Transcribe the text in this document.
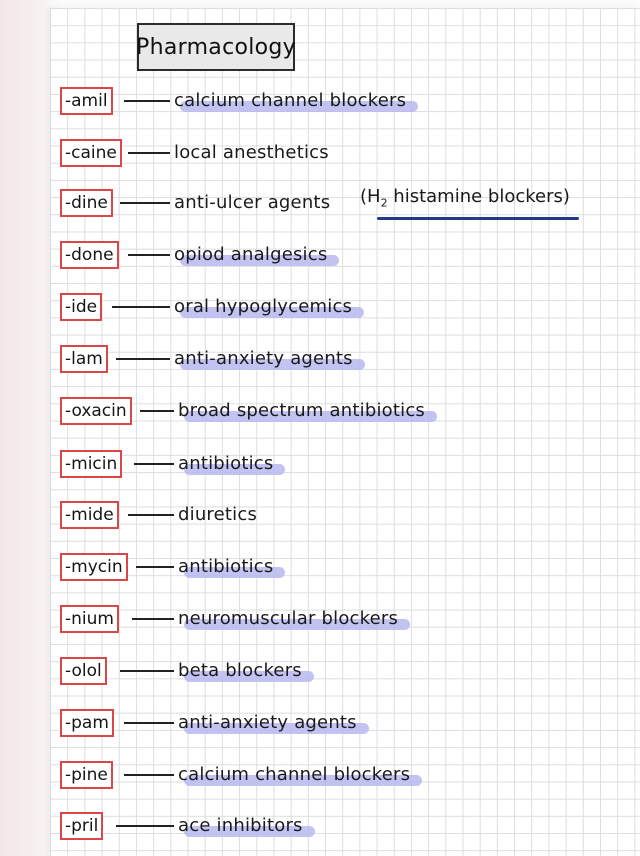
Pharmacology
-amil	calcium channel blockers
-caine	local anesthetics
-dine	anti-ulcer agents ($H_2$ histamine blockers)
-done	opiod analgesics
-ide	oral hypoglycemics
-lam	anti-anxiety agents
-oxacin	broad spectrum antibiotics
-micin	antibiotics
-mide	diuretics
-mycin	antibiotics
-nium	neuromuscular blockers
-olol	beta blockers
-pam	anti-anxiety agents
-pine	calcium channel blockers
-pril	ace inhibitors
